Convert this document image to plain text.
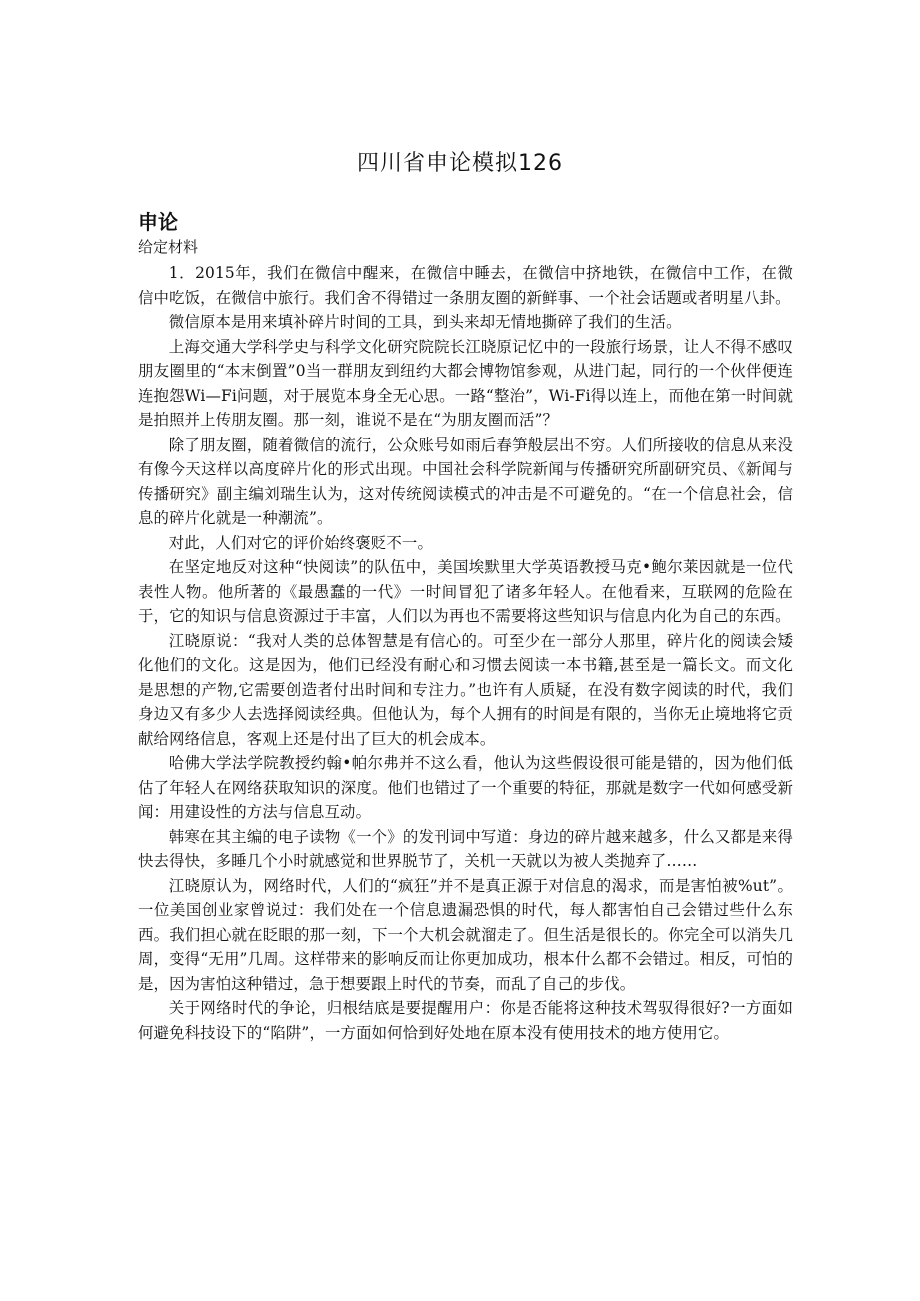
四川省申论模拟126
申论
给定材料

1．2015年，我们在微信中醒来，在微信中睡去，在微信中挤地铁，在微信中工作，在微信中吃饭，在微信中旅行。我们舍不得错过一条朋友圈的新鲜事、一个社会话题或者明星八卦。

微信原本是用来填补碎片时间的工具，到头来却无情地撕碎了我们的生活。

上海交通大学科学史与科学文化研究院院长江晓原记忆中的一段旅行场景，让人不得不感叹朋友圈里的“本末倒置”0当一群朋友到纽约大都会博物馆参观，从进门起，同行的一个伙伴便连连抱怨Wi—Fi问题，对于展览本身全无心思。一路“整治”，Wi-Fi得以连上，而他在第一时间就是拍照并上传朋友圈。那一刻，谁说不是在“为朋友圈而活”？

除了朋友圈，随着微信的流行，公众账号如雨后春笋般层出不穷。人们所接收的信息从来没有像今天这样以高度碎片化的形式出现。中国社会科学院新闻与传播研究所副研究员、《新闻与传播研究》副主编刘瑞生认为，这对传统阅读模式的冲击是不可避免的。“在一个信息社会，信息的碎片化就是一种潮流”。

对此，人们对它的评价始终褒贬不一。

在坚定地反对这种“快阅读”的队伍中，美国埃默里大学英语教授马克•鲍尔莱因就是一位代表性人物。他所著的《最愚蠢的一代》一时间冒犯了诸多年轻人。在他看来，互联网的危险在于，它的知识与信息资源过于丰富，人们以为再也不需要将这些知识与信息内化为自己的东西。

江晓原说：“我对人类的总体智慧是有信心的。可至少在一部分人那里，碎片化的阅读会矮化他们的文化。这是因为，他们已经没有耐心和习惯去阅读一本书籍,甚至是一篇长文。而文化是思想的产物,它需要创造者付出时间和专注力。”也许有人质疑，在没有数字阅读的时代，我们身边又有多少人去选择阅读经典。但他认为，每个人拥有的时间是有限的，当你无止境地将它贡献给网络信息，客观上还是付出了巨大的机会成本。

哈佛大学法学院教授约翰•帕尔弗并不这么看，他认为这些假设很可能是错的，因为他们低估了年轻人在网络获取知识的深度。他们也错过了一个重要的特征，那就是数字一代如何感受新闻：用建设性的方法与信息互动。

韩寒在其主编的电子读物《一个》的发刊词中写道：身边的碎片越来越多，什么又都是来得快去得快，多睡几个小时就感觉和世界脱节了，关机一天就以为被人类抛弃了……

江晓原认为，网络时代，人们的“疯狂”并不是真正源于对信息的渴求，而是害怕被%ut”。一位美国创业家曾说过：我们处在一个信息遗漏恐惧的时代，每人都害怕自己会错过些什么东西。我们担心就在眨眼的那一刻，下一个大机会就溜走了。但生活是很长的。你完全可以消失几周，变得“无用”几周。这样带来的影响反而让你更加成功，根本什么都不会错过。相反，可怕的是，因为害怕这种错过，急于想要跟上时代的节奏，而乱了自己的步伐。

关于网络时代的争论，归根结底是要提醒用户：你是否能将这种技术驾驭得很好?一方面如何避免科技设下的“陷阱”，一方面如何恰到好处地在原本没有使用技术的地方使用它。
